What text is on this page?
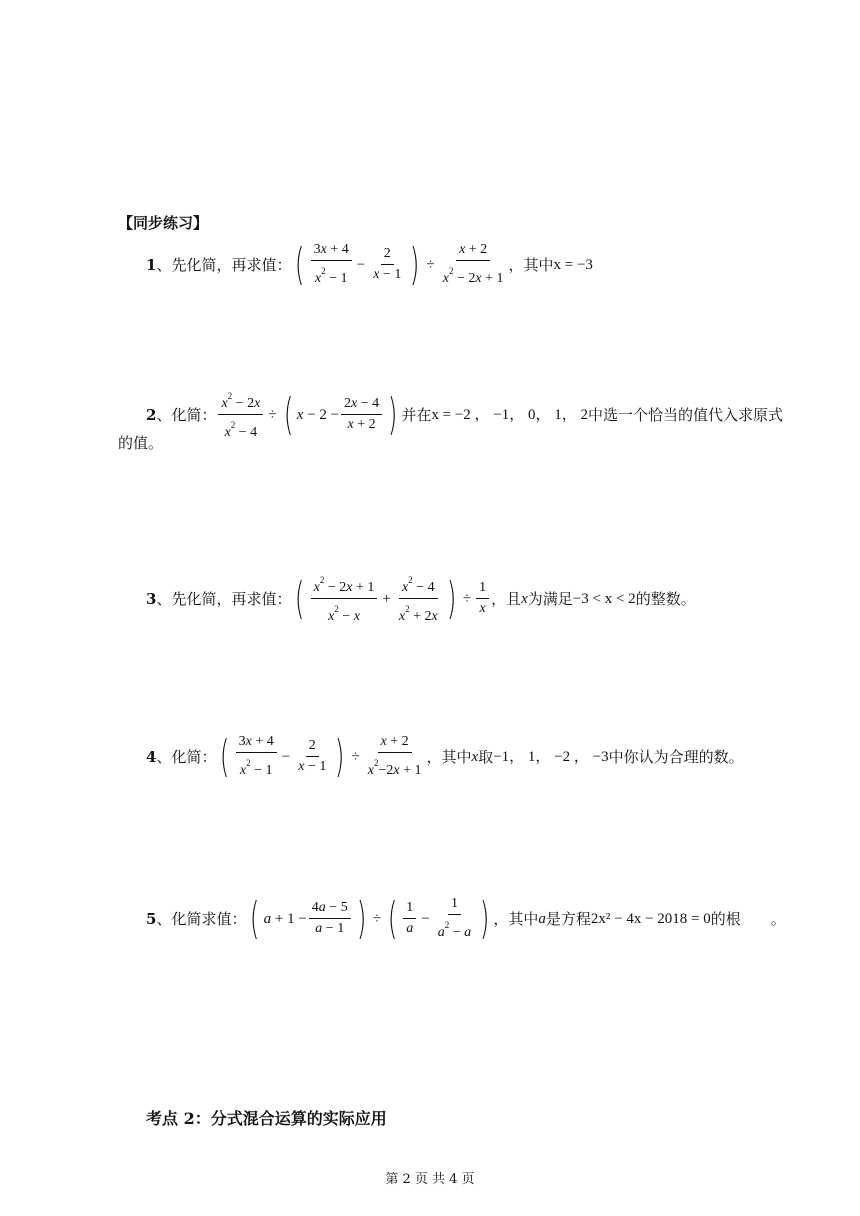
【同步练习】
1 、先化简，再求值： ( $\frac{3x + 4}{x^2 - 1} - \frac{2}{x - 1}$ ) ÷ $\frac{x + 2}{x^2 - 2x + 1}$ ，其中 x = −3
2 、化简： $\frac{x^2 - 2x}{x^2 - 4}$ ÷ ( $x - 2 - \frac{2x - 4}{x + 2}$ ) 并在 x = −2 ， −1， 0， 1， 2 中选一个恰当的值代入求原式
的值。
3 、先化简，再求值： ( $\frac{x^2 - 2x + 1}{x^2 - x} + \frac{x^2 - 4}{x^2 + 2x}$ ) ÷ $\frac{1}{x}$ ，且 x 为满足 −3 < x < 2 的整数。
4 、化简： ( $\frac{3x + 4}{x^2 - 1} - \frac{2}{x - 1}$ ) ÷ $\frac{x + 2}{x^2-2x + 1}$ ，其中 x 取 −1， 1， −2 ， −3 中你认为合理的数。
5 、化简求值： ( $a + 1 - \frac{4a - 5}{a - 1}$ ) ÷ ( $\frac{1}{a} - \frac{1}{a^2 - a}$ ) ，其中 a 是方程 2x² − 4x − 2018 = 0 的根　　。
考点 2：分式混合运算的实际应用
第 2 页 共 4 页
